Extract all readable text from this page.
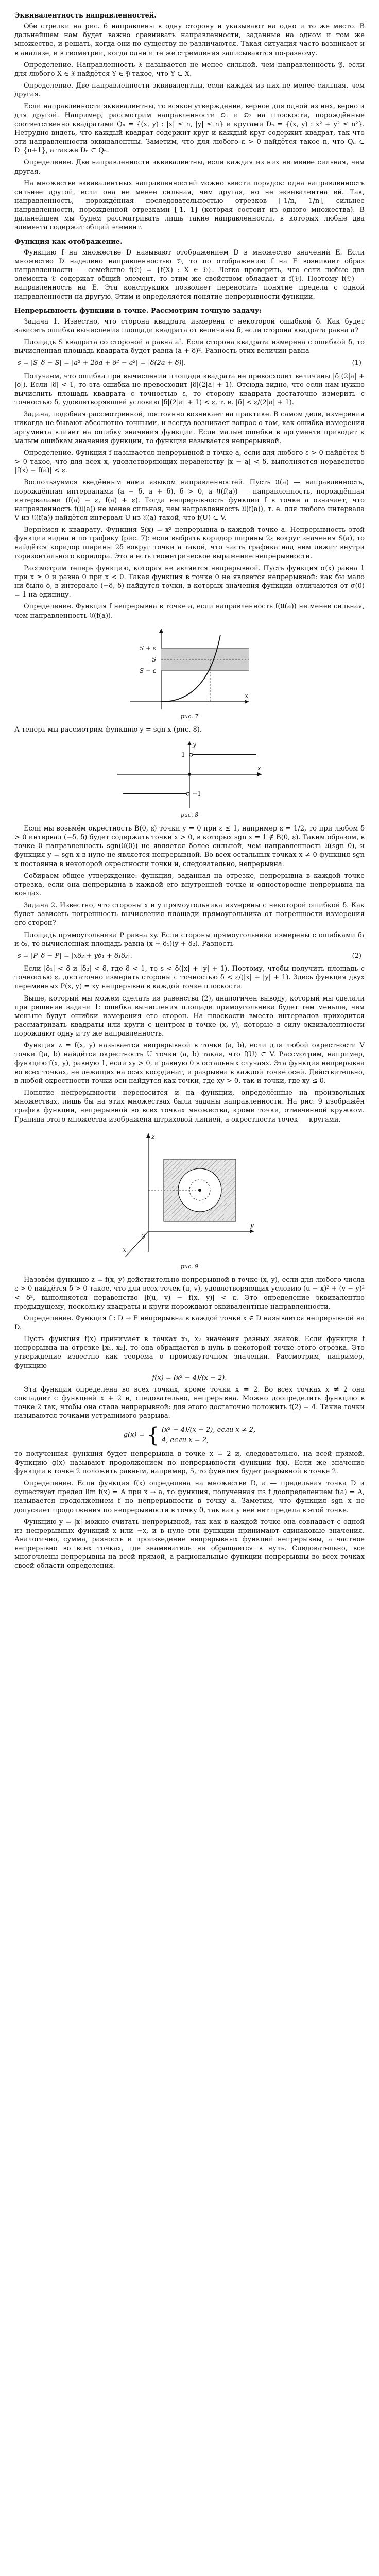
Эквивалентность направленностей.

Обе стрелки на рис. 6 направлены в одну сторону и указывают на одно и то же место. В дальнейшем нам будет важно сравнивать направленности, заданные на одном и том же множестве, и решать, когда они по существу не различаются. Такая ситуация часто возникает и в анализе, и в геометрии, когда одни и те же стремления записываются по-разному.

Определение. Направленность 𝔛 называется не менее сильной, чем направленность 𝔜, если для любого X ∈ 𝔛 найдётся Y ∈ 𝔜 такое, что Y ⊂ X.

Определение. Две направленности эквивалентны, если каждая из них не менее сильная, чем другая.

Если направленности эквивалентны, то всякое утверждение, верное для одной из них, верно и для другой. Например, рассмотрим направленности 𝔔₁ и 𝔔₂ на плоскости, порождённые соответственно квадратами Qₙ = {(x, y) : |x| ≤ n, |y| ≤ n} и кругами Dₙ = {(x, y) : x² + y² ≤ n²}. Нетрудно видеть, что каждый квадрат содержит круг и каждый круг содержит квадрат, так что эти направленности эквивалентны. Заметим, что для любого ε > 0 найдётся такое n, что Qₙ ⊂ D_{n+1}, а также Dₙ ⊂ Qₙ.

Определение. Две направленности эквивалентны, если каждая из них не менее сильная, чем другая.

На множестве эквивалентных направленностей можно ввести порядок: одна направленность сильнее другой, если она не менее сильная, чем другая, но не эквивалентна ей. Так, направленность, порождённая последовательностью отрезков [-1/n, 1/n], сильнее направленности, порождённой отрезками [-1, 1] (которая состоит из одного множества). В дальнейшем мы будем рассматривать лишь такие направленности, в которых любые два элемента содержат общий элемент.

Функция как отображение.

Функцию f на множестве D называют отображением D в множество значений E. Если множество D наделено направленностью 𝔇, то по отображению f на E возникает образ направленности — семейство f(𝔇) = {f(X) : X ∈ 𝔇}. Легко проверить, что если любые два элемента 𝔇 содержат общий элемент, то этим же свойством обладает и f(𝔇). Поэтому f(𝔇) — направленность на E. Эта конструкция позволяет переносить понятие предела с одной направленности на другую. Этим и определяется понятие непрерывности функции.

Непрерывность функции в точке. Рассмотрим точную задачу:

Задача 1. Известно, что сторона квадрата измерена с некоторой ошибкой δ. Как будет зависеть ошибка вычисления площади квадрата от величины δ, если сторона квадрата равна a?

Площадь S квадрата со стороной a равна a². Если сторона квадрата измерена с ошибкой δ, то вычисленная площадь квадрата будет равна (a + δ)². Разность этих величин равна

s = |S_δ − S| = |a² + 2δa + δ² − a²| = |δ(2a + δ)|.	(1)

Получаем, что ошибка при вычислении площади квадрата не превосходит величины |δ|(2|a| + |δ|). Если |δ| < 1, то эта ошибка не превосходит |δ|(2|a| + 1). Отсюда видно, что если нам нужно вычислить площадь квадрата с точностью ε, то сторону квадрата достаточно измерить с точностью δ, удовлетворяющей условию |δ|(2|a| + 1) < ε, т. е. |δ| < ε/(2|a| + 1).

Задача, подобная рассмотренной, постоянно возникает на практике. В самом деле, измерения никогда не бывают абсолютно точными, и всегда возникает вопрос о том, как ошибка измерения аргумента влияет на ошибку значения функции. Если малые ошибки в аргументе приводят к малым ошибкам значения функции, то функция называется непрерывной.

Определение. Функция f называется непрерывной в точке a, если для любого ε > 0 найдётся δ > 0 такое, что для всех x, удовлетворяющих неравенству |x − a| < δ, выполняется неравенство |f(x) − f(a)| < ε.

Воспользуемся введённым нами языком направленностей. Пусть 𝔘(a) — направленность, порождённая интервалами (a − δ, a + δ), δ > 0, а 𝔘(f(a)) — направленность, порождённая интервалами (f(a) − ε, f(a) + ε). Тогда непрерывность функции f в точке a означает, что направленность f(𝔘(a)) не менее сильная, чем направленность 𝔘(f(a)), т. е. для любого интервала V из 𝔘(f(a)) найдётся интервал U из 𝔘(a) такой, что f(U) ⊂ V.

Вернёмся к квадрату. Функция S(x) = x² непрерывна в каждой точке a. Непрерывность этой функции видна и по графику (рис. 7): если выбрать коридор ширины 2ε вокруг значения S(a), то найдётся коридор ширины 2δ вокруг точки a такой, что часть графика над ним лежит внутри горизонтального коридора. Это и есть геометрическое выражение непрерывности.

Рассмотрим теперь функцию, которая не является непрерывной. Пусть функция σ(x) равна 1 при x ≥ 0 и равна 0 при x < 0. Такая функция в точке 0 не является непрерывной: как бы мало ни было δ, в интервале (−δ, δ) найдутся точки, в которых значения функции отличаются от σ(0) = 1 на единицу.

Определение. Функция f непрерывна в точке a, если направленность f(𝔘(a)) не менее сильная, чем направленность 𝔘(f(a)).

S + ε
S
S − ε
x
рис. 7

А теперь мы рассмотрим функцию y = sgn x (рис. 8).

1
−1
x
y
рис. 8

Если мы возьмём окрестность B(0, ε) точки y = 0 при ε ≤ 1, например ε = 1/2, то при любом δ > 0 интервал (−δ, δ) будет содержать точки x > 0, в которых sgn x = 1 ∉ B(0, ε). Таким образом, в точке 0 направленность sgn(𝔘(0)) не является более сильной, чем направленность 𝔘(sgn 0), и функция y = sgn x в нуле не является непрерывной. Во всех остальных точках x ≠ 0 функция sgn x постоянна в некоторой окрестности точки и, следовательно, непрерывна.

Собираем общее утверждение: функция, заданная на отрезке, непрерывна в каждой точке отрезка, если она непрерывна в каждой его внутренней точке и односторонне непрерывна на концах.

Задача 2. Известно, что стороны x и y прямоугольника измерены с некоторой ошибкой δ. Как будет зависеть погрешность вычисления площади прямоугольника от погрешности измерения его сторон?

Площадь прямоугольника P равна xy. Если стороны прямоугольника измерены с ошибками δ₁ и δ₂, то вычисленная площадь равна (x + δ₁)(y + δ₂). Разность

s = |P_δ − P| = |xδ₂ + yδ₁ + δ₁δ₂|.	(2)

Если |δ₁| < δ и |δ₂| < δ, где δ < 1, то s < δ(|x| + |y| + 1). Поэтому, чтобы получить площадь с точностью ε, достаточно измерить стороны с точностью δ < ε/(|x| + |y| + 1). Здесь функция двух переменных P(x, y) = xy непрерывна в каждой точке плоскости.

Выше, который мы можем сделать из равенства (2), аналогичен выводу, который мы сделали при решении задачи 1: ошибка вычисления площади прямоугольника будет тем меньше, чем меньше будут ошибки измерения его сторон. На плоскости вместо интервалов приходится рассматривать квадраты или круги с центром в точке (x, y), которые в силу эквивалентности порождают одну и ту же направленность.

Функция z = f(x, y) называется непрерывной в точке (a, b), если для любой окрестности V точки f(a, b) найдётся окрестность U точки (a, b) такая, что f(U) ⊂ V. Рассмотрим, например, функцию f(x, y), равную 1, если xy > 0, и равную 0 в остальных случаях. Эта функция непрерывна во всех точках, не лежащих на осях координат, и разрывна в каждой точке осей. Действительно, в любой окрестности точки оси найдутся как точки, где xy > 0, так и точки, где xy ≤ 0.

Понятие непрерывности переносится и на функции, определённые на произвольных множествах, лишь бы на этих множествах были заданы направленности. На рис. 9 изображён график функции, непрерывной во всех точках множества, кроме точки, отмеченной кружком. Граница этого множества изображена штриховой линией, а окрестности точек — кругами.

z
y
x
0
рис. 9

Назовём функцию z = f(x, y) действительно непрерывной в точке (x, y), если для любого числа ε > 0 найдётся δ > 0 такое, что для всех точек (u, v), удовлетворяющих условию (u − x)² + (v − y)² < δ², выполняется неравенство |f(u, v) − f(x, y)| < ε. Это определение эквивалентно предыдущему, поскольку квадраты и круги порождают эквивалентные направленности.

Определение. Функция f : D → E непрерывна в каждой точке x ∈ D называется непрерывной на D.

Пусть функция f(x) принимает в точках x₁, x₂ значения разных знаков. Если функция f непрерывна на отрезке [x₁, x₂], то она обращается в нуль в некоторой точке этого отрезка. Это утверждение известно как теорема о промежуточном значении. Рассмотрим, например, функцию

f(x) = (x² − 4)/(x − 2).

Эта функция определена во всех точках, кроме точки x = 2. Во всех точках x ≠ 2 она совпадает с функцией x + 2 и, следовательно, непрерывна. Можно доопределить функцию в точке 2 так, чтобы она стала непрерывной: для этого достаточно положить f(2) = 4. Такие точки называются точками устранимого разрыва.

g(x) = { (x² − 4)/(x − 2), если x ≠ 2,
4, если x = 2,

то полученная функция будет непрерывна в точке x = 2 и, следовательно, на всей прямой. Функцию g(x) называют продолжением по непрерывности функции f(x). Если же значение функции в точке 2 положить равным, например, 5, то функция будет разрывной в точке 2.

Определение. Если функция f(x) определена на множестве D, a — предельная точка D и существует предел lim f(x) = A при x → a, то функция, полученная из f доопределением f(a) = A, называется продолжением f по непрерывности в точку a. Заметим, что функция sgn x не допускает продолжения по непрерывности в точку 0, так как у неё нет предела в этой точке.

Функцию y = |x| можно считать непрерывной, так как в каждой точке она совпадает с одной из непрерывных функций x или −x, и в нуле эти функции принимают одинаковые значения. Аналогично, сумма, разность и произведение непрерывных функций непрерывны, а частное непрерывно во всех точках, где знаменатель не обращается в нуль. Следовательно, все многочлены непрерывны на всей прямой, а рациональные функции непрерывны во всех точках своей области определения.
